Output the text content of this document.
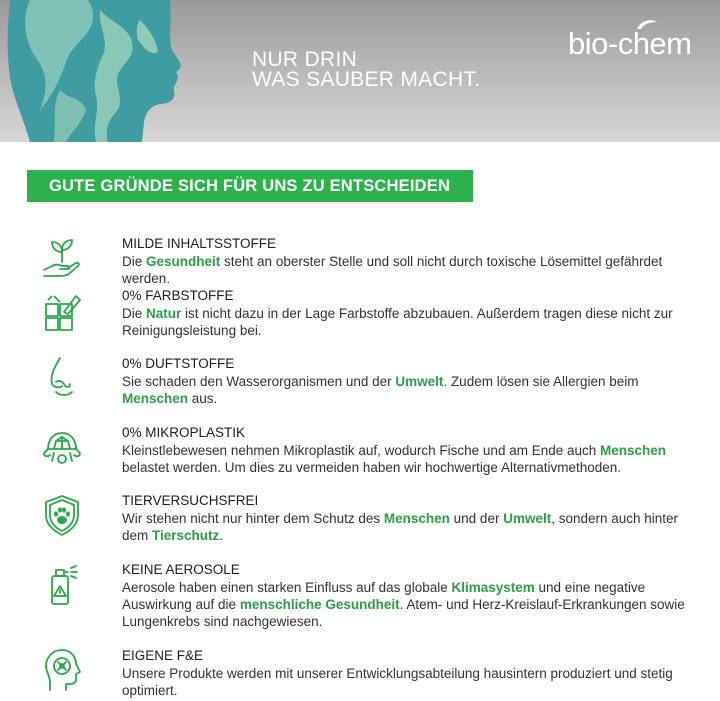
NUR DRIN
WAS SAUBER MACHT.
bio-chem
GUTE GRÜNDE SICH FÜR UNS ZU ENTSCHEIDEN
MILDE INHALTSSTOFFE
Die Gesundheit steht an oberster Stelle und soll nicht durch toxische Lösemittel gefährdet werden.
0% FARBSTOFFE
Die Natur ist nicht dazu in der Lage Farbstoffe abzubauen. Außerdem tragen diese nicht zur Reinigungsleistung bei.
0% DUFTSTOFFE
Sie schaden den Wasserorganismen und der Umwelt. Zudem lösen sie Allergien beim Menschen aus.
0% MIKROPLASTIK
Kleinstlebewesen nehmen Mikroplastik auf, wodurch Fische und am Ende auch Menschen belastet werden. Um dies zu vermeiden haben wir hochwertige Alternativmethoden.
TIERVERSUCHSFREI
Wir stehen nicht nur hinter dem Schutz des Menschen und der Umwelt, sondern auch hinter dem Tierschutz.
KEINE AEROSOLE
Aerosole haben einen starken Einfluss auf das globale Klimasystem und eine negative Auswirkung auf die menschliche Gesundheit. Atem- und Herz-Kreislauf-Erkrankungen sowie Lungenkrebs sind nachgewiesen.
EIGENE F&E
Unsere Produkte werden mit unserer Entwicklungsabteilung hausintern produziert und stetig optimiert.
